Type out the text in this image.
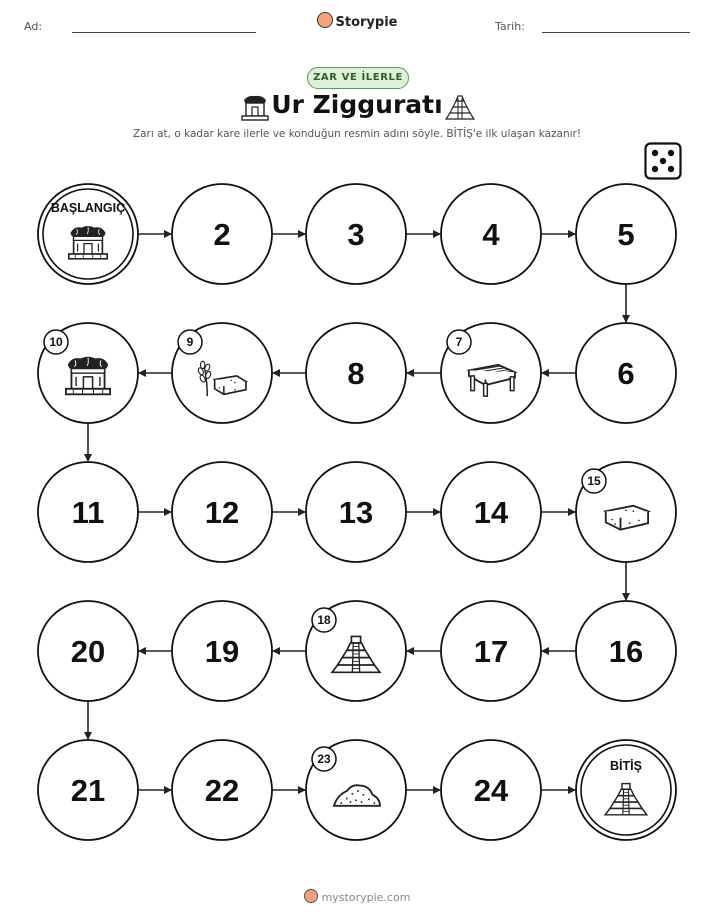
Ad:	Storypie	Tarih:
ZAR VE İLERLE
Ur Zigguratı
Zarı at, o kadar kare ilerle ve konduğun resmin adını söyle. BİTİŞ'e ilk ulaşan kazanır!
BAŞLANGIÇ
2	3	4	5
6
7
8
9
10
11	12	13	14
15
16
17
18
19
20
21	22
23
24
BİTİŞ
mystorypie.com
